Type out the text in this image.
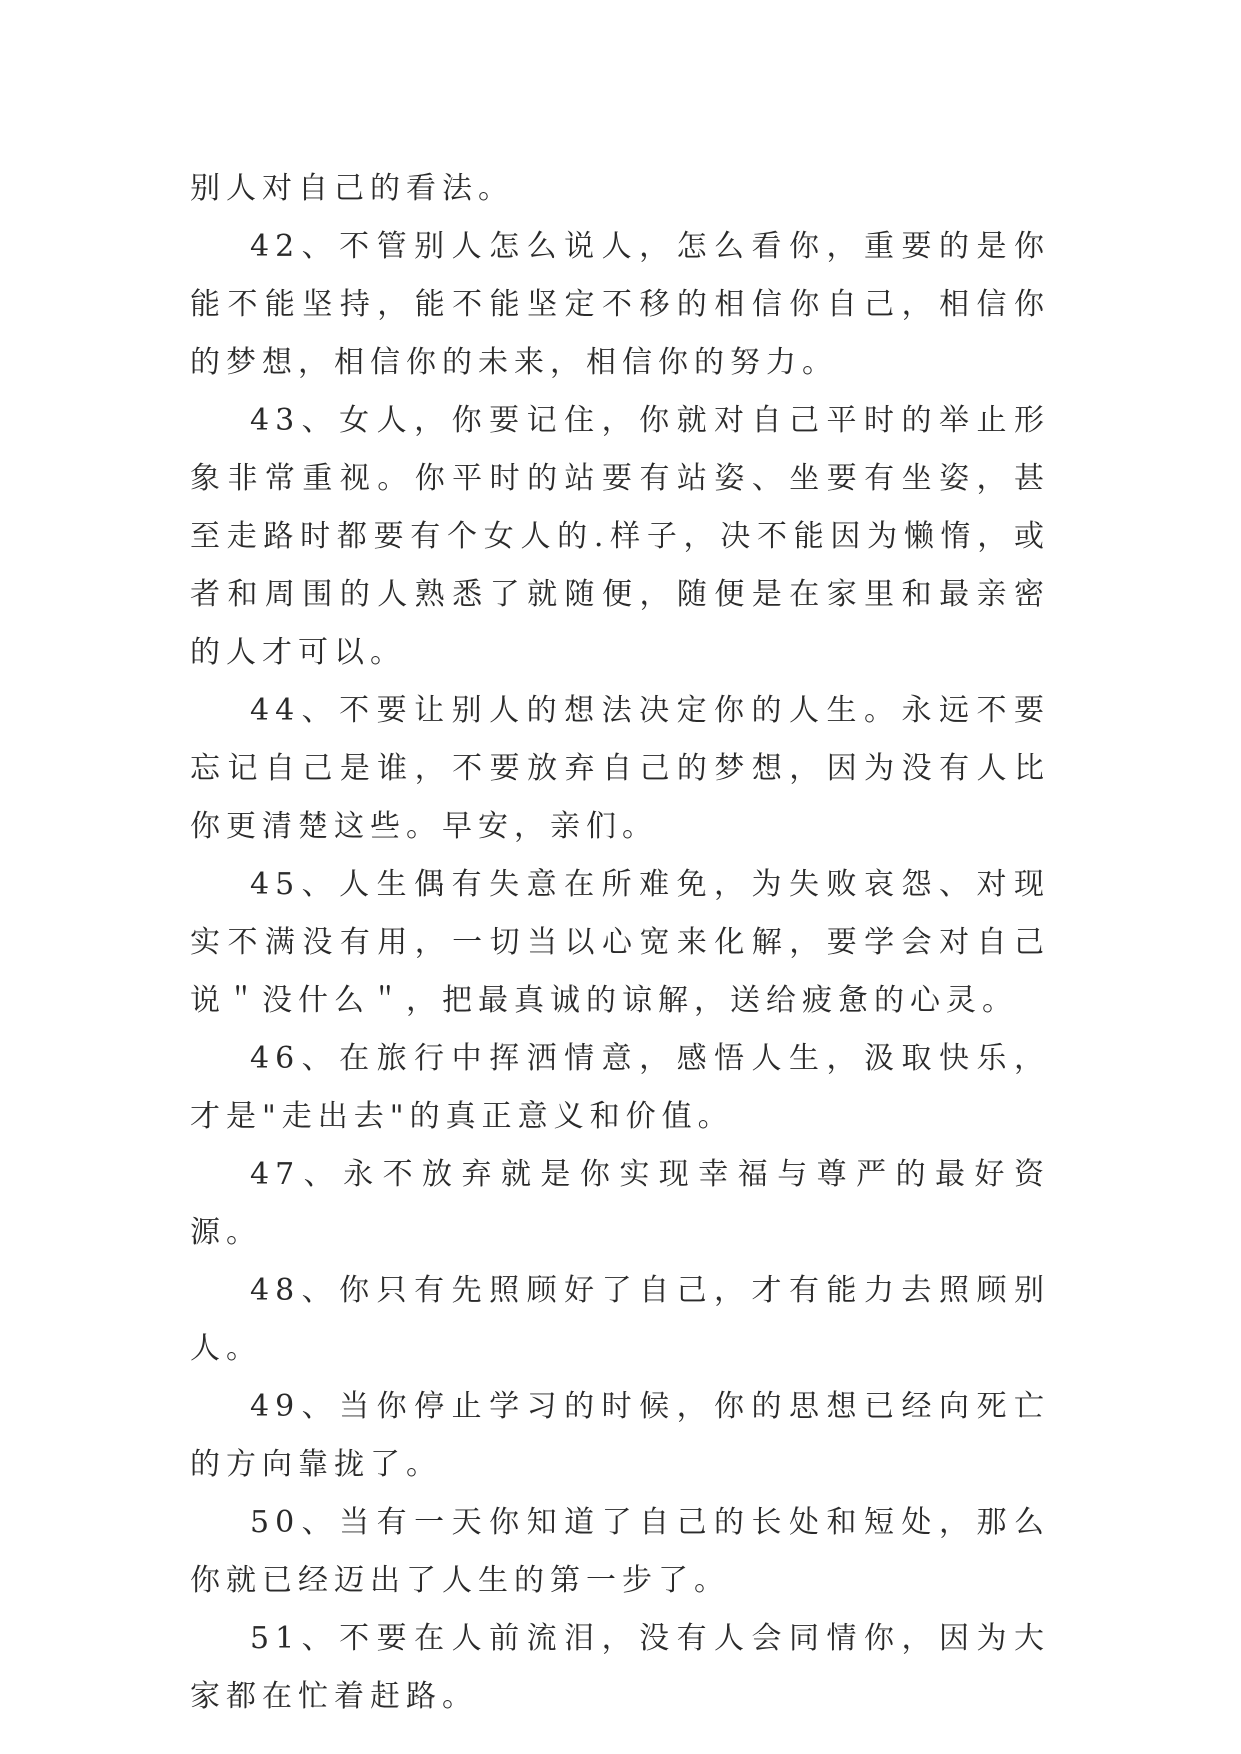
别人对自己的看法。

42、不管别人怎么说人，怎么看你，重要的是你能不能坚持，能不能坚定不移的相信你自己，相信你的梦想，相信你的未来，相信你的努力。

43、女人，你要记住，你就对自己平时的举止形象非常重视。你平时的站要有站姿、坐要有坐姿，甚至走路时都要有个女人的.样子，决不能因为懒惰，或者和周围的人熟悉了就随便，随便是在家里和最亲密的人才可以。

44、不要让别人的想法决定你的人生。永远不要忘记自己是谁，不要放弃自己的梦想，因为没有人比你更清楚这些。早安，亲们。

45、人生偶有失意在所难免，为失败哀怨、对现实不满没有用，一切当以心宽来化解，要学会对自己说＂没什么＂，把最真诚的谅解，送给疲惫的心灵。

46、在旅行中挥洒情意，感悟人生，汲取快乐，才是"走出去"的真正意义和价值。

47、永不放弃就是你实现幸福与尊严的最好资源。

48、你只有先照顾好了自己，才有能力去照顾别人。

49、当你停止学习的时候，你的思想已经向死亡的方向靠拢了。

50、当有一天你知道了自己的长处和短处，那么你就已经迈出了人生的第一步了。

51、不要在人前流泪，没有人会同情你，因为大家都在忙着赶路。
